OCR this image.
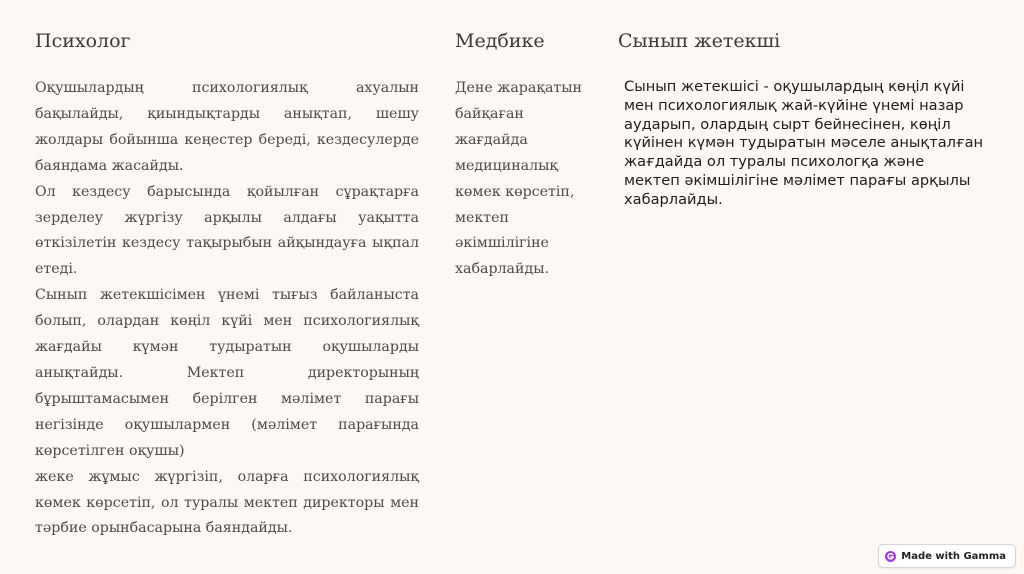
Психолог

Оқушылардың психологиялық ахуалын бақылайды, қиындықтарды анықтап, шешу жолдары бойынша кеңестер береді, кездесулерде баяндама жасайды.

Ол кездесу барысында қойылған сұрақтарға зерделеу жүргізу арқылы алдағы уақытта өткізілетін кездесу тақырыбын айқындауға ықпал етеді.

Сынып жетекшісімен үнемі тығыз байланыста болып, олардан көңіл күйі мен психологиялық жағдайы күмән тудыратын оқушыларды анықтайды. Мектеп директорының бұрыштамасымен берілген мәлімет парағы негізінде оқушылармен (мәлімет парағында көрсетілген оқушы)

жеке жұмыс жүргізіп, оларға психологиялық көмек көрсетіп, ол туралы мектеп директоры мен тәрбие орынбасарына баяндайды.

Медбике
Дене жарақатын байқаған жағдайда медициналық көмек көрсетіп, мектеп әкімшілігіне хабарлайды.
Сынып жетекші
Сынып жетекшісі - оқушылардың көңіл күйі мен психологиялық жай-күйіне үнемі назар аударып, олардың сырт бейнесінен, көңіл күйінен күмән тудыратын мәселе анықталған жағдайда ол туралы психологқа және мектеп әкімшілігіне мәлімет парағы арқылы хабарлайды.
Made with Gamma
